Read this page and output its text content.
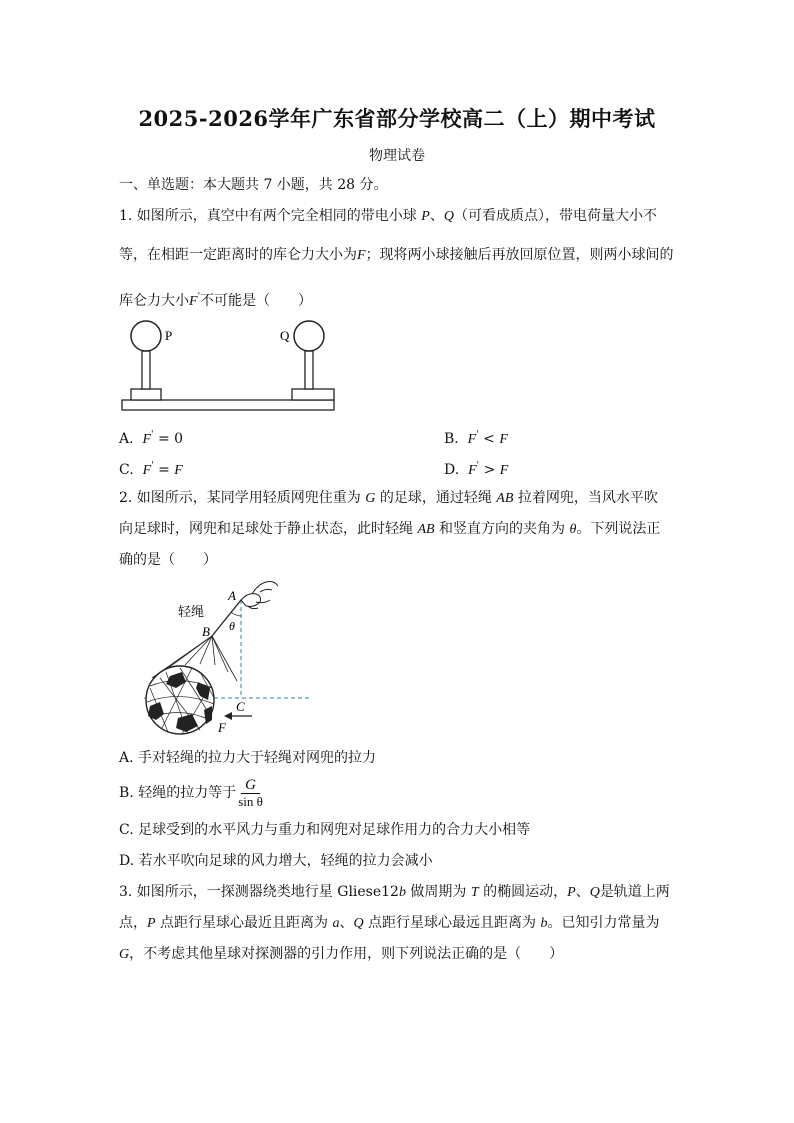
2025-2026学年广东省部分学校高二（上）期中考试
物理试卷
一、单选题：本大题共 7 小题，共 28 分。
1. 如图所示，真空中有两个完全相同的带电小球 P、Q（可看成质点），带电荷量大小不
等，在相距一定距离时的库仑力大小为F；现将两小球接触后再放回原位置，则两小球间的
库仑力大小F'不可能是（　　）
P	Q
A. F' = 0	B. F' < F
C. F' = F	D. F' > F
2. 如图所示，某同学用轻质网兜住重为 G 的足球，通过轻绳 AB 拉着网兜，当风水平吹
向足球时，网兜和足球处于静止状态，此时轻绳 AB 和竖直方向的夹角为 θ。下列说法正
确的是（　　）
轻绳
A
B
C
F
θ
A. 手对轻绳的拉力大于轻绳对网兜的拉力
B. 轻绳的拉力等于 $\frac{G}{\text{sin θ}}$
C. 足球受到的水平风力与重力和网兜对足球作用力的合力大小相等
D. 若水平吹向足球的风力增大，轻绳的拉力会减小
3. 如图所示，一探测器绕类地行星 Gliese12b 做周期为 T 的椭圆运动，P、Q是轨道上两
点，P 点距行星球心最近且距离为 a、Q 点距行星球心最远且距离为 b。已知引力常量为
G，不考虑其他星球对探测器的引力作用，则下列说法正确的是（　　）
